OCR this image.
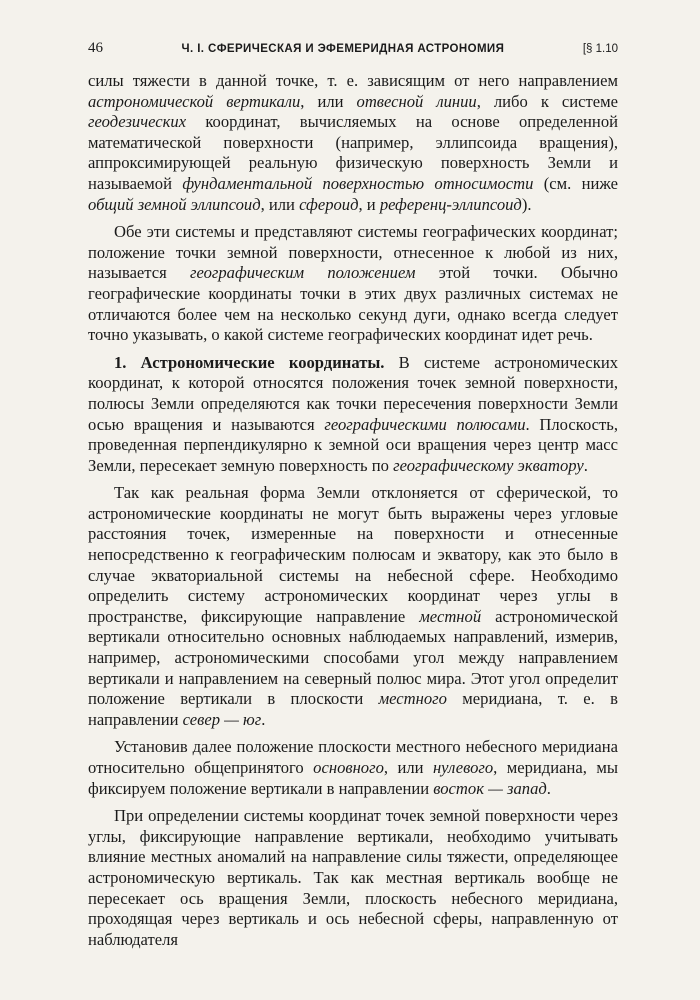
46	Ч. I. СФЕРИЧЕСКАЯ И ЭФЕМЕРИДНАЯ АСТРОНОМИЯ	[§ 1.10

силы тяжести в данной точке, т. е. зависящим от него направлением астрономической вертикали, или отвесной линии, либо к системе геодезических координат, вычисляемых на основе определенной математической поверхности (например, эллипсоида вращения), аппроксимирующей реальную физическую поверхность Земли и называемой фундаментальной поверхностью относимости (см. ниже общий земной эллипсоид, или сфероид, и референц-эллипсоид).

Обе эти системы и представляют системы географических координат; положение точки земной поверхности, отнесенное к любой из них, называется географическим положением этой точки. Обычно географические координаты точки в этих двух различных системах не отличаются более чем на несколько секунд дуги, однако всегда следует точно указывать, о какой системе географических координат идет речь.

1. Астрономические координаты. В системе астрономических координат, к которой относятся положения точек земной поверхности, полюсы Земли определяются как точки пересечения поверхности Земли осью вращения и называются географическими полюсами. Плоскость, проведенная перпендикулярно к земной оси вращения через центр масс Земли, пересекает земную поверхность по географическому экватору.

Так как реальная форма Земли отклоняется от сферической, то астрономические координаты не могут быть выражены через угловые расстояния точек, измеренные на поверхности и отнесенные непосредственно к географическим полюсам и экватору, как это было в случае экваториальной системы на небесной сфере. Необходимо определить систему астрономических координат через углы в пространстве, фиксирующие направление местной астрономической вертикали относительно основных наблюдаемых направлений, измерив, например, астрономическими способами угол между направлением вертикали и направлением на северный полюс мира. Этот угол определит положение вертикали в плоскости местного меридиана, т. е. в направлении север — юг.

Установив далее положение плоскости местного небесного меридиана относительно общепринятого основного, или нулевого, меридиана, мы фиксируем положение вертикали в направлении восток — запад.

При определении системы координат точек земной поверхности через углы, фиксирующие направление вертикали, необходимо учитывать влияние местных аномалий на направление силы тяжести, определяющее астрономическую вертикаль. Так как местная вертикаль вообще не пересекает ось вращения Земли, плоскость небесного меридиана, проходящая через вертикаль и ось небесной сферы, направленную от наблюдателя
